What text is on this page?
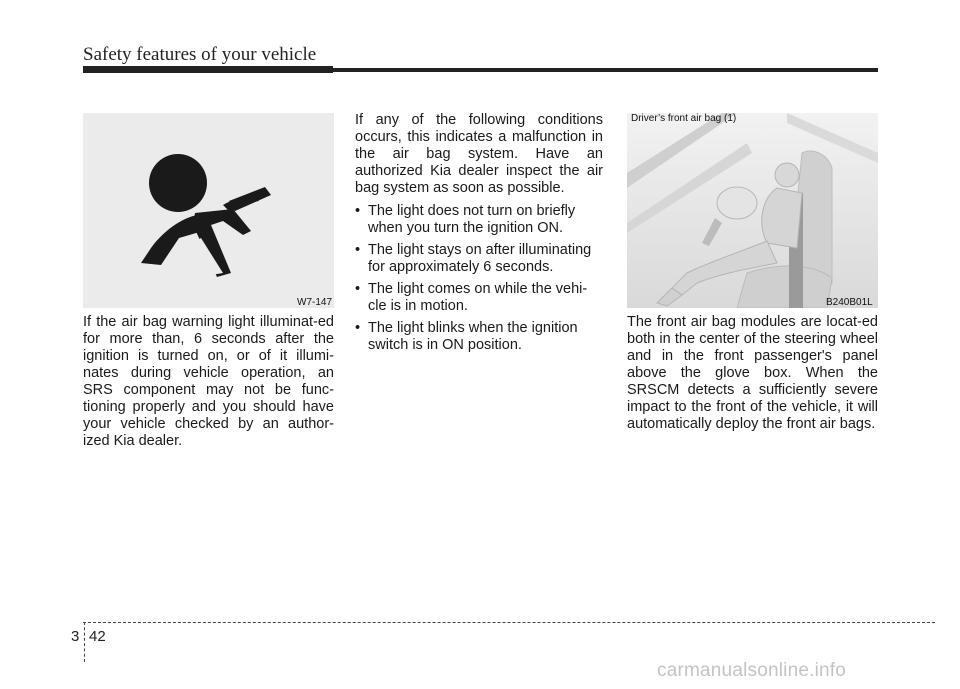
Safety features of your vehicle
W7-147

If the air bag warning light illuminat-ed for more than, 6 seconds after the ignition is turned on, or of it illumi-nates during vehicle operation, an SRS component may not be func-tioning properly and you should have your vehicle checked by an author-ized Kia dealer.

If any of the following conditions occurs, this indicates a malfunction in the air bag system. Have an authorized Kia dealer inspect the air bag system as soon as possible.

• The light does not turn on briefly when you turn the ignition ON.
• The light stays on after illuminating for approximately 6 seconds.
• The light comes on while the vehi-cle is in motion.
• The light blinks when the ignition switch is in ON position.
Driver’s front air bag (1)
B240B01L

The front air bag modules are locat-ed both in the center of the steering wheel and in the front passenger's panel above the glove box. When the SRSCM detects a sufficiently severe impact to the front of the vehicle, it will automatically deploy the front air bags.

3 42
carmanualsonline.info
